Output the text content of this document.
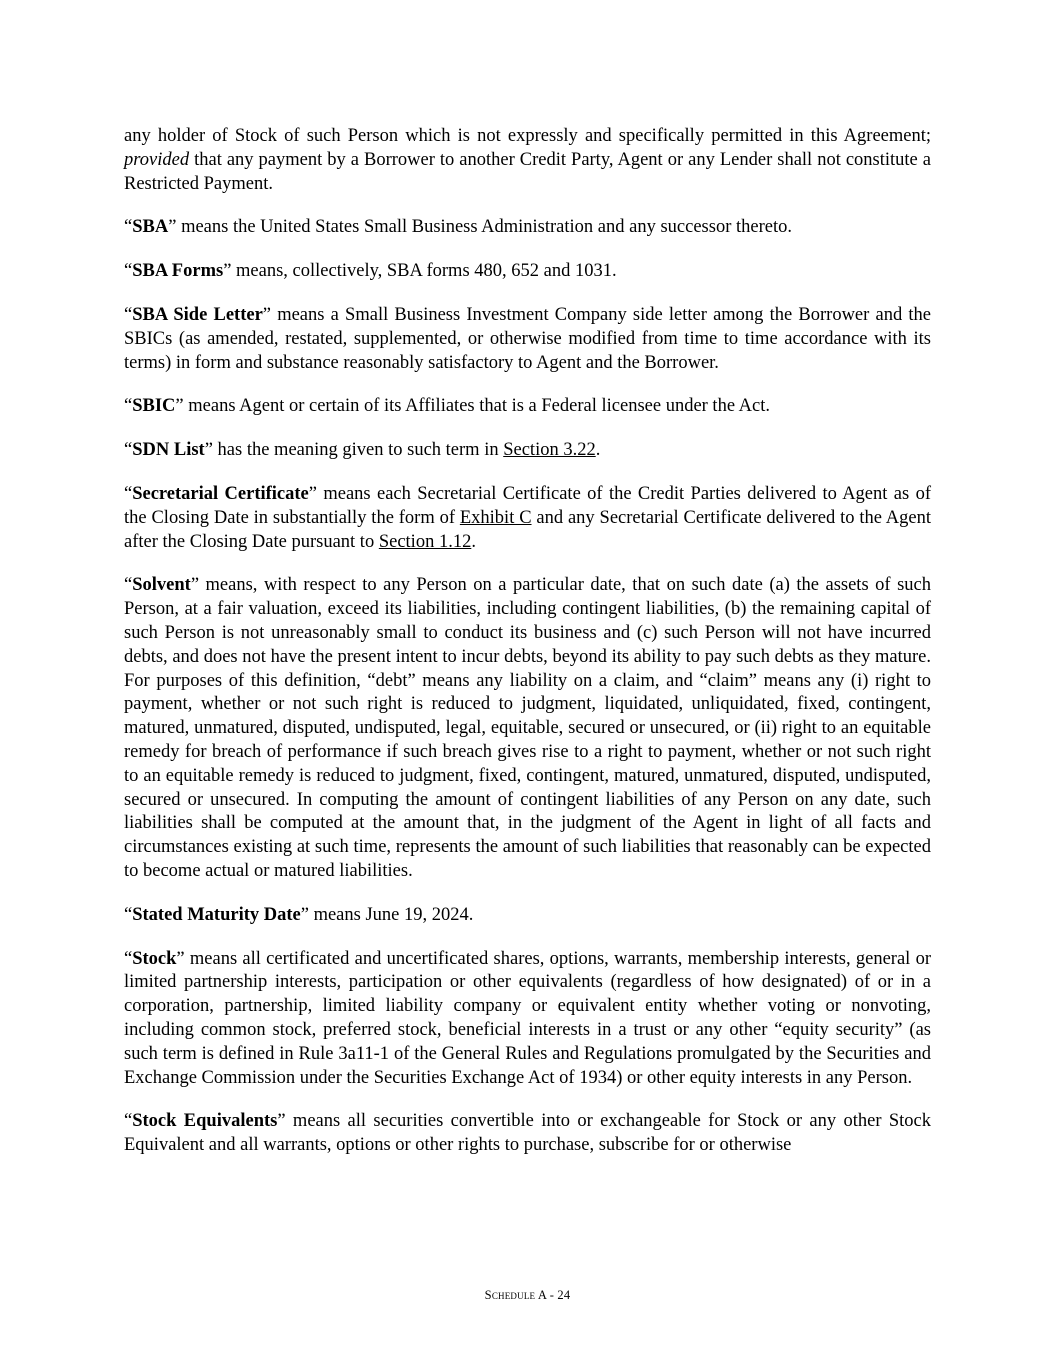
any holder of Stock of such Person which is not expressly and specifically permitted in this Agreement; provided that any payment by a Borrower to another Credit Party, Agent or any Lender shall not constitute a Restricted Payment.

“SBA” means the United States Small Business Administration and any successor thereto.

“SBA Forms” means, collectively, SBA forms 480, 652 and 1031.

“SBA Side Letter” means a Small Business Investment Company side letter among the Borrower and the SBICs (as amended, restated, supplemented, or otherwise modified from time to time accordance with its terms) in form and substance reasonably satisfactory to Agent and the Borrower.

“SBIC” means Agent or certain of its Affiliates that is a Federal licensee under the Act.

“SDN List” has the meaning given to such term in Section 3.22.

“Secretarial Certificate” means each Secretarial Certificate of the Credit Parties delivered to Agent as of the Closing Date in substantially the form of Exhibit C and any Secretarial Certificate delivered to the Agent after the Closing Date pursuant to Section 1.12.

“Solvent” means, with respect to any Person on a particular date, that on such date (a) the assets of such Person, at a fair valuation, exceed its liabilities, including contingent liabilities, (b) the remaining capital of such Person is not unreasonably small to conduct its business and (c) such Person will not have incurred debts, and does not have the present intent to incur debts, beyond its ability to pay such debts as they mature. For purposes of this definition, “debt” means any liability on a claim, and “claim” means any (i) right to payment, whether or not such right is reduced to judgment, liquidated, unliquidated, fixed, contingent, matured, unmatured, disputed, undisputed, legal, equitable, secured or unsecured, or (ii) right to an equitable remedy for breach of performance if such breach gives rise to a right to payment, whether or not such right to an equitable remedy is reduced to judgment, fixed, contingent, matured, unmatured, disputed, undisputed, secured or unsecured. In computing the amount of contingent liabilities of any Person on any date, such liabilities shall be computed at the amount that, in the judgment of the Agent in light of all facts and circumstances existing at such time, represents the amount of such liabilities that reasonably can be expected to become actual or matured liabilities.

“Stated Maturity Date” means June 19, 2024.

“Stock” means all certificated and uncertificated shares, options, warrants, membership interests, general or limited partnership interests, participation or other equivalents (regardless of how designated) of or in a corporation, partnership, limited liability company or equivalent entity whether voting or nonvoting, including common stock, preferred stock, beneficial interests in a trust or any other “equity security” (as such term is defined in Rule 3a11-1 of the General Rules and Regulations promulgated by the Securities and Exchange Commission under the Securities Exchange Act of 1934) or other equity interests in any Person.

“Stock Equivalents” means all securities convertible into or exchangeable for Stock or any other Stock Equivalent and all warrants, options or other rights to purchase, subscribe for or otherwise

Schedule A - 24
